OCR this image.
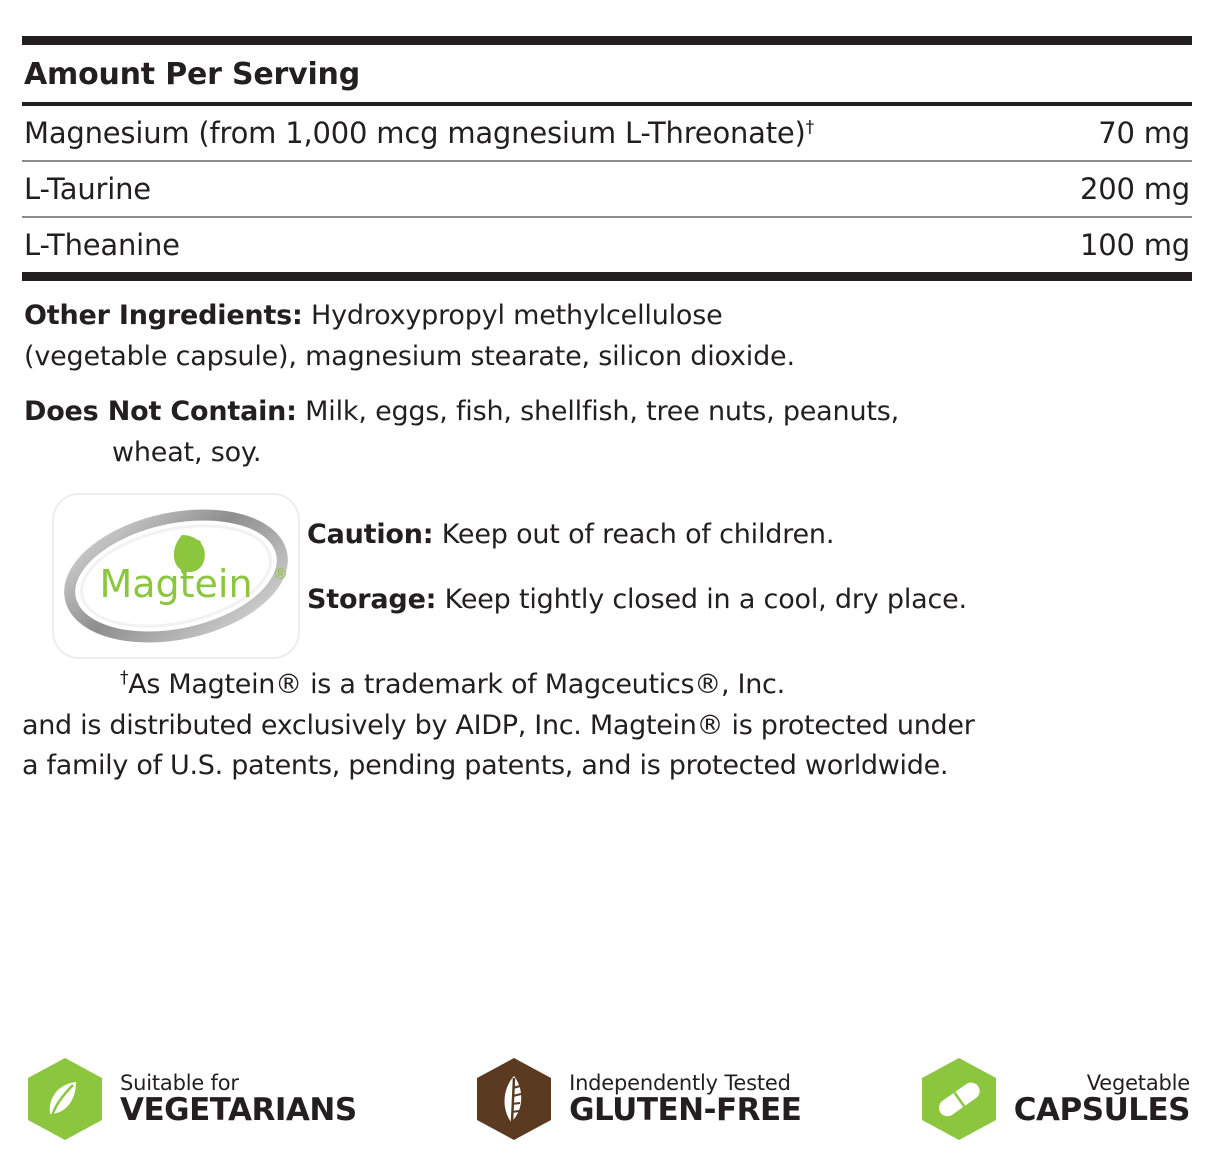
Amount Per Serving
Magnesium (from 1,000 mcg magnesium L-Threonate)†	70 mg
L-Taurine	200 mg
L-Theanine	100 mg
Other Ingredients: Hydroxypropyl methylcellulose
(vegetable capsule), magnesium stearate, silicon dioxide.
Does Not Contain: Milk, eggs, fish, shellfish, tree nuts, peanuts,
wheat, soy.
Magtein ®
Caution: Keep out of reach of children.
Storage: Keep tightly closed in a cool, dry place.
†As Magtein® is a trademark of Magceutics®, Inc.
and is distributed exclusively by AIDP, Inc. Magtein® is protected under
a family of U.S. patents, pending patents, and is protected worldwide.
Suitable for
VEGETARIANS
Independently Tested
GLUTEN-FREE
Vegetable
CAPSULES
